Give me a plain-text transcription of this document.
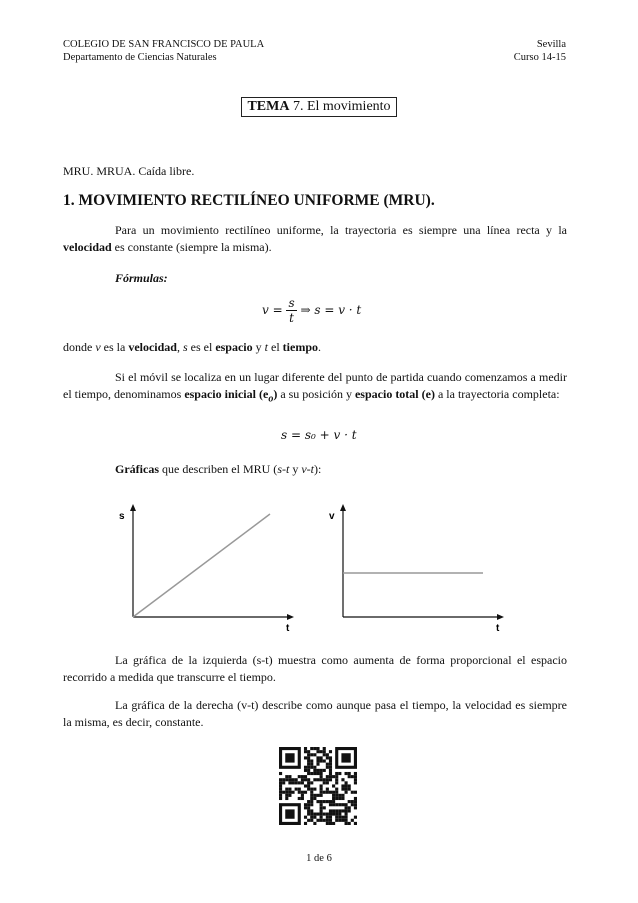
COLEGIO DE SAN FRANCISCO DE PAULA
Departamento de Ciencias Naturales
Sevilla
Curso 14-15
TEMA 7. El movimiento
MRU. MRUA. Caída libre.
1. MOVIMIENTO RECTILÍNEO UNIFORME (MRU).
Para un movimiento rectilíneo uniforme, la trayectoria es siempre una línea recta y la velocidad es constante (siempre la misma).
Fórmulas:
$v = \frac{s}{t}$ ⇒ s = v · t
donde v es la velocidad, s es el espacio y t el tiempo.
Si el móvil se localiza en un lugar diferente del punto de partida cuando comenzamos a medir el tiempo, denominamos espacio inicial $(e_o)$ a su posición y espacio total (e) a la trayectoria completa:
s = s₀ + v · t
Gráficas que describen el MRU (s-t y v-t):
s
t
v
t
La gráfica de la izquierda (s-t) muestra como aumenta de forma proporcional el espacio recorrido a medida que transcurre el tiempo.
La gráfica de la derecha (v-t) describe como aunque pasa el tiempo, la velocidad es siempre la misma, es decir, constante.
1 de 6
